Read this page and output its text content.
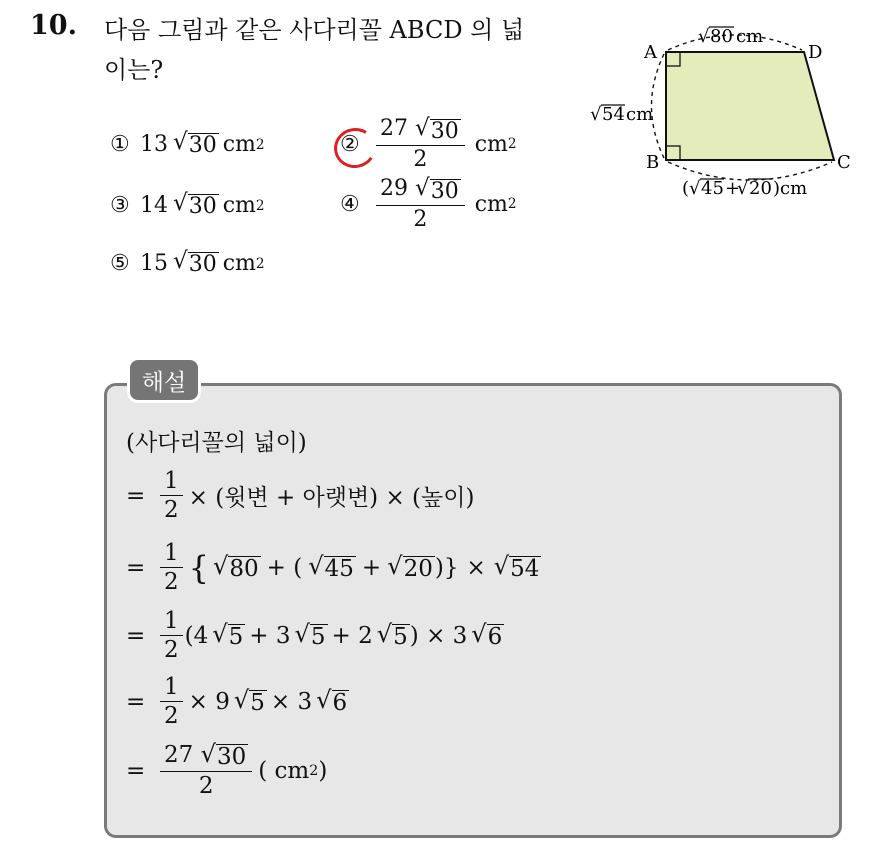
10. 다음 그림과 같은 사다리꼴 ABCD 의 넓
이는?
① 13 √ 30 cm 2	② $\frac{27 √ 30}{2}$ cm 2
③ 14 √ 30 cm 2	④ $\frac{29 √ 30}{2}$ cm 2
⑤ 15 √ 30 cm 2
A	D
B	C
√ 80 cm
√ 54 cm
( √ 45 +
√ 20 )cm
해설
(사다리꼴의 넓이)
= $\frac{1}{2}$ × (윗변 + 아랫변) × (높이)
= $\frac{1}{2}$ { √ 80 + ( √ 45 + √ 20 )} × √ 54
= $\frac{1}{2} (4$ √ 5 + 3 √ 5 + 2 √ 5 ) × 3 √ 6
= $\frac{1}{2} \times 9$ √ 5 × 3 √ 6
= $\frac{27 √ 30}{2}$ ( cm 2 )
